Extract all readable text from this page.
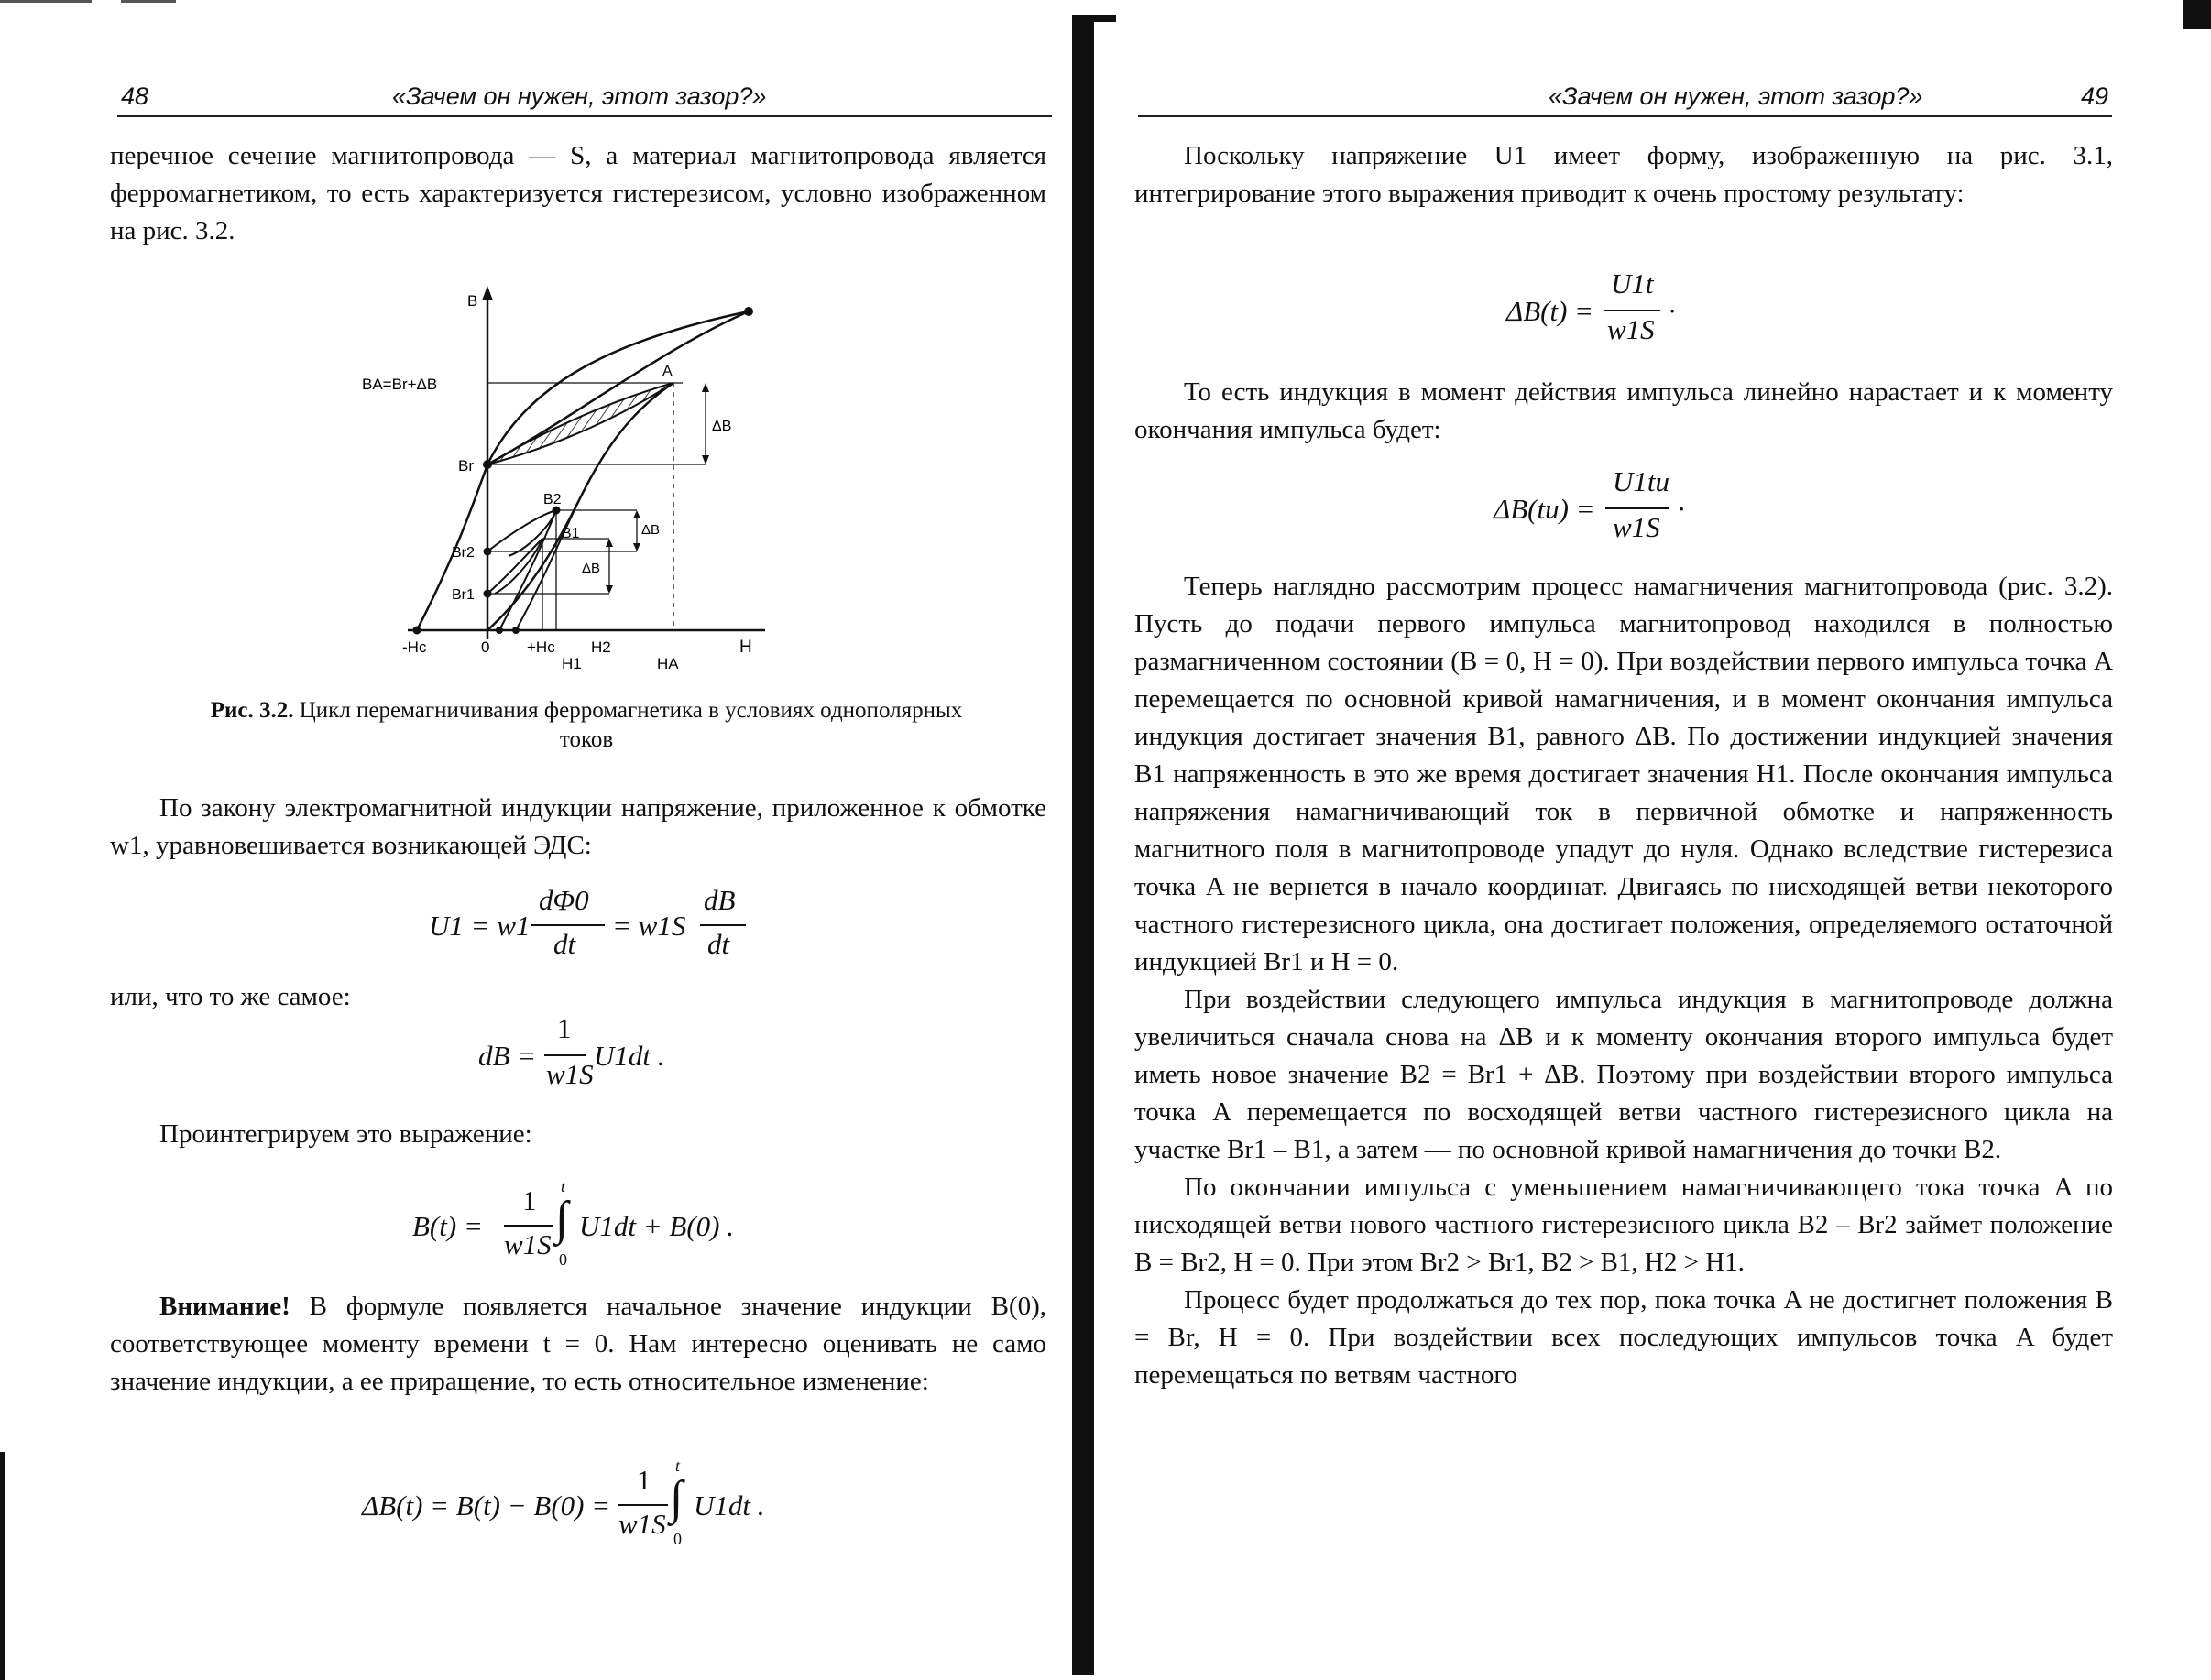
48	«Зачем он нужен, этот зазор?»

перечное сечение магнитопровода — S, а материал магнитопровода является ферромагнетиком, то есть характеризуется гистерезисом, условно изображенном на рис. 3.2.

B
H
BA=Br+ΔB
Br
B2
B1
Br2
Br1
A
ΔB
ΔB
ΔB
-Hc	0 +Hc H2
H1	HA
Рис. 3.2. Цикл перемагничивания ферромагнетика в условиях однополярных токов

По закону электромагнитной индукции напряжение, приложенное к обмотке w1, уравновешивается возникающей ЭДС:

U1 = w1
dΦ0
dt
= w1S
dB
dt

или, что то же самое:

dB =
1
w1S
U1dt .

Проинтегрируем это выражение:

B(t) =
1
w1S
t
∫
0
U1dt + B(0) .

Внимание! В формуле появляется начальное значение индукции B(0), соответствующее моменту времени t = 0. Нам интересно оценивать не само значение индукции, а ее приращение, то есть относительное изменение:

ΔB(t) = B(t) − B(0) =
1
w1S
t
∫
0
U1dt .
«Зачем он нужен, этот зазор?»	49

Поскольку напряжение U1 имеет форму, изображенную на рис. 3.1, интегрирование этого выражения приводит к очень простому результату:

ΔB(t) =
U1t
w1S
·

То есть индукция в момент действия импульса линейно нарастает и к моменту окончания импульса будет:

ΔB(tu) =
U1tu
w1S
·

Теперь наглядно рассмотрим процесс намагничения магнитопровода (рис. 3.2). Пусть до подачи первого импульса магнитопровод находился в полностью размагниченном состоянии (B = 0, H = 0). При воздействии первого импульса точка A перемещается по основной кривой намагничения, и в момент окончания импульса индукция достигает значения B1, равного ΔB. По достижении индукцией значения B1 напряженность в это же время достигает значения H1. После окончания импульса напряжения намагничивающий ток в первичной обмотке и напряженность магнитного поля в магнитопроводе упадут до нуля. Однако вследствие гистерезиса точка A не вернется в начало координат. Двигаясь по нисходящей ветви некоторого частного гистерезисного цикла, она достигает положения, определяемого остаточной индукцией Br1 и H = 0.

При воздействии следующего импульса индукция в магнитопроводе должна увеличиться сначала снова на ΔB и к моменту окончания второго импульса будет иметь новое значение B2 = Br1 + ΔB. Поэтому при воздействии второго импульса точка A перемещается по восходящей ветви частного гистерезисного цикла на участке Br1 – B1, а затем — по основной кривой намагничения до точки B2.

По окончании импульса с уменьшением намагничивающего тока точка A по нисходящей ветви нового частного гистерезисного цикла B2 – Br2 займет положение B = Br2, H = 0. При этом Br2 > Br1, B2 > B1, H2 > H1.

Процесс будет продолжаться до тех пор, пока точка A не достигнет положения B = Br, H = 0. При воздействии всех последующих импульсов точка A будет перемещаться по ветвям частного
